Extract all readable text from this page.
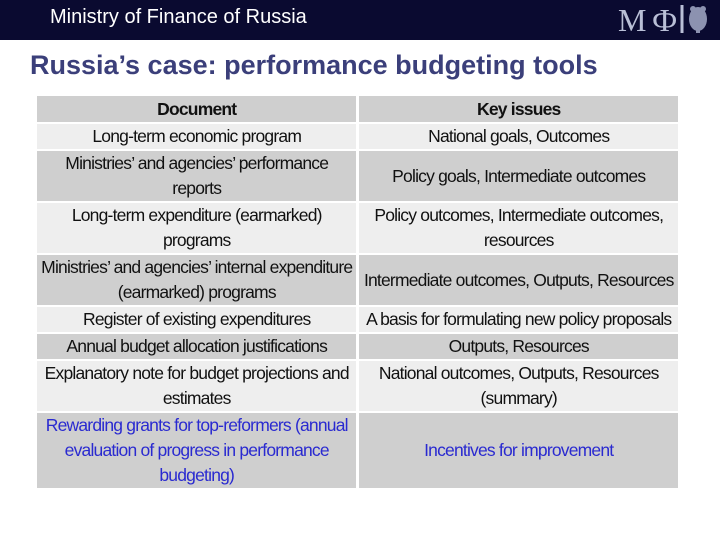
Ministry of Finance of Russia	M Ф
Russia’s case: performance budgeting tools
Document	Key issues
Long-term economic program	National goals, Outcomes
Ministries’ and agencies’ performance reports	Policy goals, Intermediate outcomes
Long-term expenditure (earmarked) programs	Policy outcomes, Intermediate outcomes, resources
Ministries’ and agencies’ internal expenditure (earmarked) programs	Intermediate outcomes, Outputs, Resources
Register of existing expenditures	A basis for formulating new policy proposals
Annual budget allocation justifications	Outputs, Resources
Explanatory note for budget projections and estimates	National outcomes, Outputs, Resources (summary)
Rewarding grants for top-reformers (annual evaluation of progress in performance budgeting)	Incentives for improvement
